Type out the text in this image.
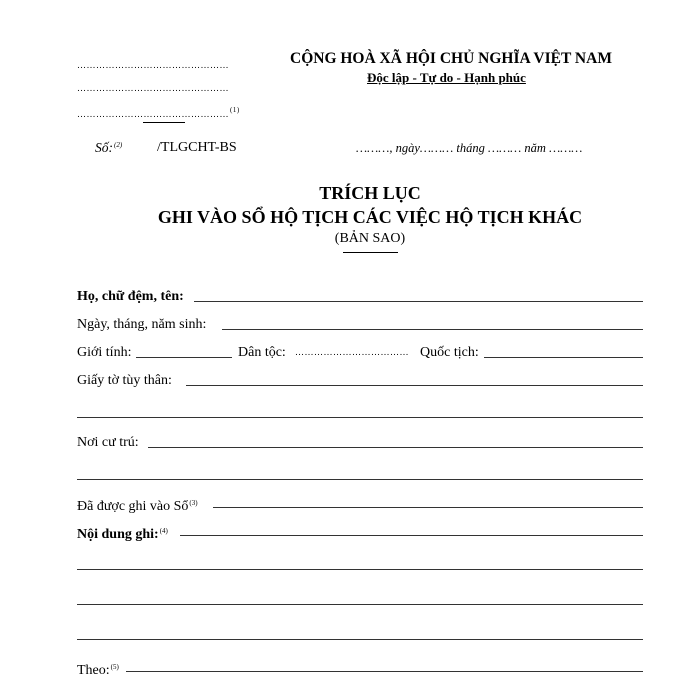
…………………………………………
…………………………………………
…………………………………………$^{(1)}$
CỘNG HOÀ XÃ HỘI CHỦ NGHĨA VIỆT NAM
Độc lập - Tự do - Hạnh phúc
Số:$^{(2)}$ /TLGCHT-BS	………, ngày……… tháng ……… năm ………
TRÍCH LỤC
GHI VÀO SỔ HỘ TỊCH CÁC VIỆC HỘ TỊCH KHÁC
(BẢN SAO)
Họ, chữ đệm, tên:
Ngày, tháng, năm sinh:
Giới tính:	Dân tộc: ……………………………… Quốc tịch:
Giấy tờ tùy thân:
Nơi cư trú:
Đã được ghi vào Sổ$^{(3)}$
Nội dung ghi:$^{(4)}$
Theo:$^{(5)}$
